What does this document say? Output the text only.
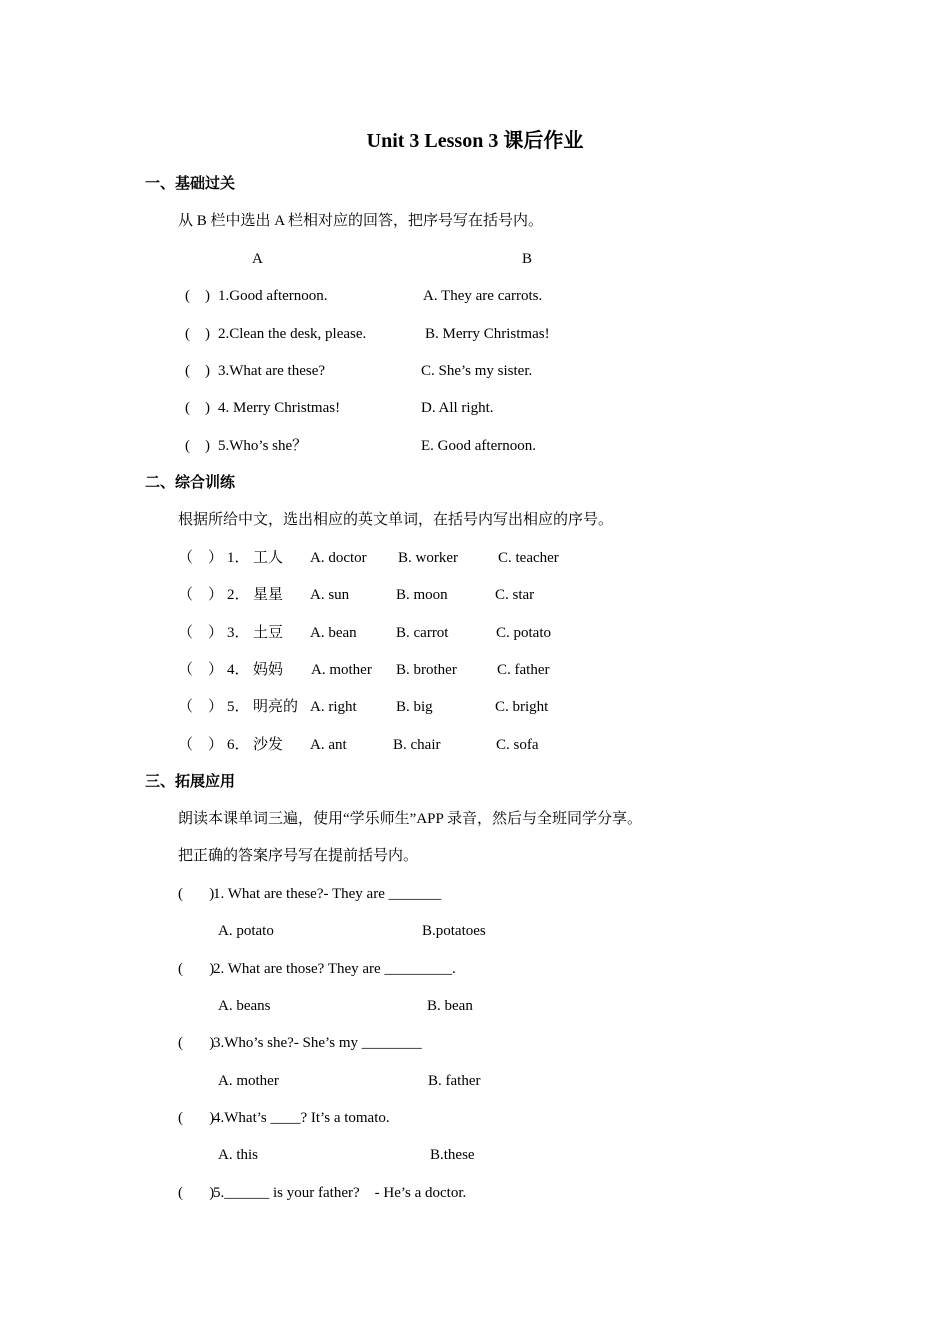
Unit 3 Lesson 3 课后作业
一、基础过关
从 B 栏中选出 A 栏相对应的回答，把序号写在括号内。
A	B
(    ) 1.Good afternoon.	A. They are carrots.
(    ) 2.Clean the desk, please.	B. Merry Christmas!
(    ) 3.What are these?	C. She’s my sister.
(    ) 4. Merry Christmas!	D. All right.
(    ) 5.Who’s she？	E. Good afternoon.
二、综合训练
根据所给中文，选出相应的英文单词，在括号内写出相应的序号。
（    ） 1． 工人 A. doctor B. worker	C. teacher
（    ） 2． 星星 A. sun	B. moon	C. star
（    ） 3． 土豆 A. bean	B. carrot	C. potato
（    ） 4． 妈妈 A. mother B. brother	C. father
（    ） 5． 明亮的 A. right	B. big	C. bright
（    ） 6． 沙发 A. ant	B. chair	C. sofa
三、拓展应用
朗读本课单词三遍，使用“学乐师生”APP 录音，然后与全班同学分享。
把正确的答案序号写在提前括号内。
(       )
1. What are these?- They are _______
A. potato	B.potatoes
(       )
2. What are those? They are _________.
A. beans	B. bean
(       )
3.Who’s she?- She’s my ________
A. mother	B. father
(       )
4.What’s ____? It’s a tomato.
A. this	B.these
(       )
5.______ is your father?    - He’s a doctor.
